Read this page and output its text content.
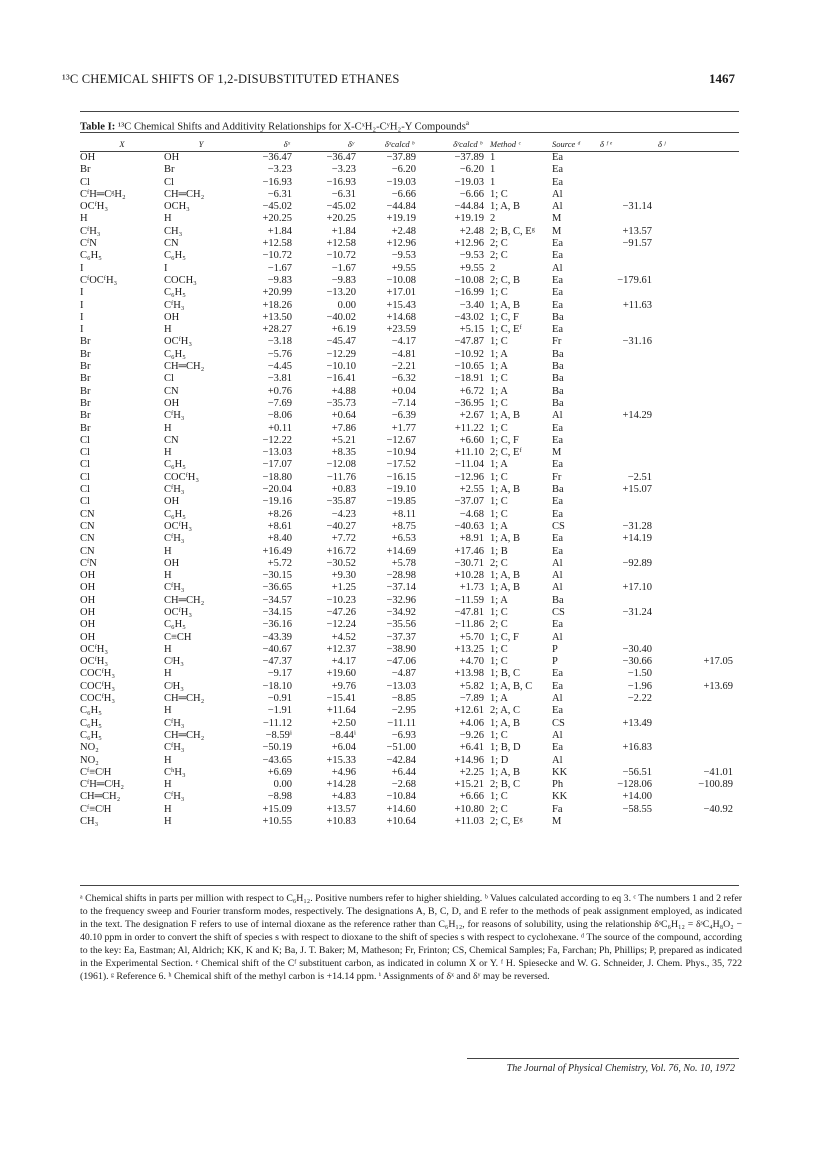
¹³C CHEMICAL SHIFTS OF 1,2-DISUBSTITUTED ETHANES	1467
Table I: ¹³C Chemical Shifts and Additivity Relationships for X-CˣH₂-CʸH₂-Y Compounds$^a$
X	Y	δˣ	δʸ	δˣcalcd ᵇ	δʸcalcd ᵇ	Method ᶜ	Source ᵈ	δ ᶠ ᵉ	δ ʲ
OH	OH	−36.47	−36.47	−37.89	−37.89	1	Ea		
Br	Br	−3.23	−3.23	−6.20	−6.20	1	Ea		
Cl	Cl	−16.93	−16.93	−19.03	−19.03	1	Ea		
CᶠH═CᵍH₂	CH═CH₂	−6.31	−6.31	−6.66	−6.66	1; C	Al		
OCᶠH₃	OCH₃	−45.02	−45.02	−44.84	−44.84	1; A, B	Al	−31.14	
H	H	+20.25	+20.25	+19.19	+19.19	2	M		
CᶠH₃	CH₃	+1.84	+1.84	+2.48	+2.48	2; B, C, Eᵍ	M	+13.57	
CᶠN	CN	+12.58	+12.58	+12.96	+12.96	2; C	Ea	−91.57	
C₆H₅	C₆H₅	−10.72	−10.72	−9.53	−9.53	2; C	Ea		
I	I	−1.67	−1.67	+9.55	+9.55	2	Al		
CᶠOCᶠH₃	COCH₃	−9.83	−9.83	−10.08	−10.08	2; C, B	Ea	−179.61	
I	C₆H₅	+20.99	−13.20	+17.01	−16.99	1; C	Ea		
I	CᶠH₃	+18.26	0.00	+15.43	−3.40	1; A, B	Ea	+11.63	
I	OH	+13.50	−40.02	+14.68	−43.02	1; C, F	Ba		
I	H	+28.27	+6.19	+23.59	+5.15	1; C, Eᶠ	Ea		
Br	OCᶠH₃	−3.18	−45.47	−4.17	−47.87	1; C	Fr	−31.16	
Br	C₆H₅	−5.76	−12.29	−4.81	−10.92	1; A	Ba		
Br	CH═CH₂	−4.45	−10.10	−2.21	−10.65	1; A	Ba		
Br	Cl	−3.81	−16.41	−6.32	−18.91	1; C	Ba		
Br	CN	+0.76	+4.88	+0.04	+6.72	1; A	Ba		
Br	OH	−7.69	−35.73	−7.14	−36.95	1; C	Ba		
Br	CᶠH₃	−8.06	+0.64	−6.39	+2.67	1; A, B	Al	+14.29	
Br	H	+0.11	+7.86	+1.77	+11.22	1; C	Ea		
Cl	CN	−12.22	+5.21	−12.67	+6.60	1; C, F	Ea		
Cl	H	−13.03	+8.35	−10.94	+11.10	2; C, Eᶠ	M		
Cl	C₆H₅	−17.07	−12.08	−17.52	−11.04	1; A	Ea		
Cl	COCᶠH₃	−18.80	−11.76	−16.15	−12.96	1; C	Fr	−2.51	
Cl	CᶠH₃	−20.04	+0.83	−19.10	+2.55	1; A, B	Ba	+15.07	
Cl	OH	−19.16	−35.87	−19.85	−37.07	1; C	Ea		
CN	C₆H₅	+8.26	−4.23	+8.11	−4.68	1; C	Ea		
CN	OCᶠH₃	+8.61	−40.27	+8.75	−40.63	1; A	CS	−31.28	
CN	CᶠH₃	+8.40	+7.72	+6.53	+8.91	1; A, B	Ea	+14.19	
CN	H	+16.49	+16.72	+14.69	+17.46	1; B	Ea		
CᶠN	OH	+5.72	−30.52	+5.78	−30.71	2; C	Al	−92.89	
OH	H	−30.15	+9.30	−28.98	+10.28	1; A, B	Al		
OH	CᶠH₃	−36.65	+1.25	−37.14	+1.73	1; A, B	Al	+17.10	
OH	CH═CH₂	−34.57	−10.23	−32.96	−11.59	1; A	Ba		
OH	OCᶠH₃	−34.15	−47.26	−34.92	−47.81	1; C	CS	−31.24	
OH	C₆H₅	−36.16	−12.24	−35.56	−11.86	2; C	Ea		
OH	C≡CH	−43.39	+4.52	−37.37	+5.70	1; C, F	Al		
OCᶠH₃	H	−40.67	+12.37	−38.90	+13.25	1; C	P	−30.40	
OCᶠH₃	CʲH₃	−47.37	+4.17	−47.06	+4.70	1; C	P	−30.66	+17.05
COCᶠH₃	H	−9.17	+19.60	−4.87	+13.98	1; B, C	Ea	−1.50	
COCᶠH₃	CʲH₃	−18.10	+9.76	−13.03	+5.82	1; A, B, C	Ea	−1.96	+13.69
COCᶠH₃	CH═CH₂	−0.91	−15.41	−8.85	−7.89	1; A	Al	−2.22	
C₆H₅	H	−1.91	+11.64	−2.95	+12.61	2; A, C	Ea		
C₆H₅	CᶠH₃	−11.12	+2.50	−11.11	+4.06	1; A, B	CS	+13.49	
C₆H₅	CH═CH₂	−8.59ⁱ	−8.44ⁱ	−6.93	−9.26	1; C	Al		
NO₂	CᶠH₃	−50.19	+6.04	−51.00	+6.41	1; B, D	Ea	+16.83	
NO₂	H	−43.65	+15.33	−42.84	+14.96	1; D	Al		
Cᶠ≡CʲH	CʰH₃	+6.69	+4.96	+6.44	+2.25	1; A, B	KK	−56.51	−41.01
CᶠH═CʲH₂	H	0.00	+14.28	−2.68	+15.21	2; B, C	Ph	−128.06	−100.89
CH═CH₂	CᶠH₃	−8.98	+4.83	−10.84	+6.66	1; C	KK	+14.00	
Cᶠ≡CʲH	H	+15.09	+13.57	+14.60	+10.80	2; C	Fa	−58.55	−40.92
CH₃	H	+10.55	+10.83	+10.64	+11.03	2; C, Eᵍ	M		
ᵃ Chemical shifts in parts per million with respect to C₆H₁₂. Positive numbers refer to higher shielding. ᵇ Values calculated according to eq 3. ᶜ The numbers 1 and 2 refer to the frequency sweep and Fourier transform modes, respectively. The designations A, B, C, D, and E refer to the methods of peak assignment employed, as indicated in the text. The designation F refers to use of internal dioxane as the reference rather than C₆H₁₂, for reasons of solubility, using the relationship δˢC₆H₁₂ = δˢC₄H₈O₂ − 40.10 ppm in order to convert the shift of species s with respect to dioxane to the shift of species s with respect to cyclohexane. ᵈ The source of the compound, according to the key: Ea, Eastman; Al, Aldrich; KK, K and K; Ba, J. T. Baker; M, Matheson; Fr, Frinton; CS, Chemical Samples; Fa, Farchan; Ph, Phillips; P, prepared as indicated in the Experimental Section. ᵉ Chemical shift of the Cᶠ substituent carbon, as indicated in column X or Y. ᶠ H. Spiesecke and W. G. Schneider, J. Chem. Phys., 35, 722 (1961). ᵍ Reference 6. ʰ Chemical shift of the methyl carbon is +14.14 ppm. ⁱ Assignments of δˣ and δʸ may be reversed.
The Journal of Physical Chemistry, Vol. 76, No. 10, 1972
